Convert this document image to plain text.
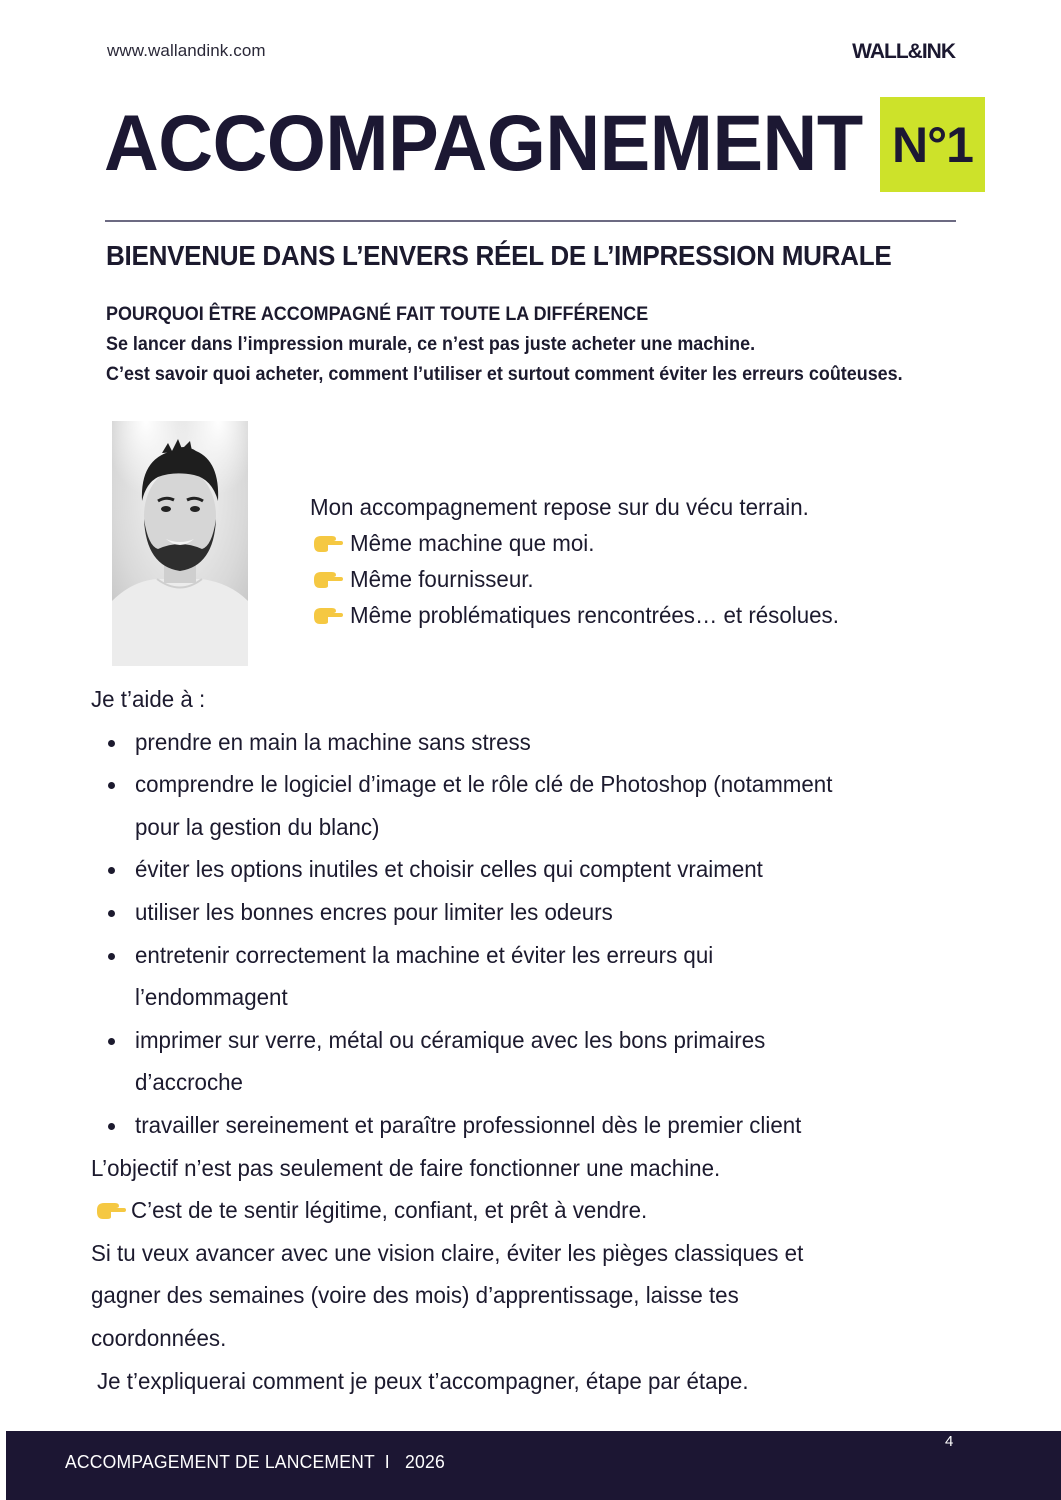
www.wallandink.com	WALL&INK
ACCOMPAGNEMENT N°1
BIENVENUE DANS L’ENVERS RÉEL DE L’IMPRESSION MURALE

POURQUOI ÊTRE ACCOMPAGNÉ FAIT TOUTE LA DIFFÉRENCE

Se lancer dans l’impression murale, ce n’est pas juste acheter une machine.

C’est savoir quoi acheter, comment l’utiliser et surtout comment éviter les erreurs coûteuses.

Mon accompagnement repose sur du vécu terrain.
Même machine que moi.
Même fournisseur.
Même problématiques rencontrées… et résolues.
Je t’aide à :
prendre en main la machine sans stress
comprendre le logiciel d’image et le rôle clé de Photoshop (notamment
pour la gestion du blanc)
éviter les options inutiles et choisir celles qui comptent vraiment
utiliser les bonnes encres pour limiter les odeurs
entretenir correctement la machine et éviter les erreurs qui
l’endommagent
imprimer sur verre, métal ou céramique avec les bons primaires
d’accroche
travailler sereinement et paraître professionnel dès le premier client
L’objectif n’est pas seulement de faire fonctionner une machine.
C’est de te sentir légitime, confiant, et prêt à vendre.
Si tu veux avancer avec une vision claire, éviter les pièges classiques et
gagner des semaines (voire des mois) d’apprentissage, laisse tes
coordonnées.
Je t’expliquerai comment je peux t’accompagner, étape par étape.
ACCOMPAGEMENT DE LANCEMENT  I   2026
4
